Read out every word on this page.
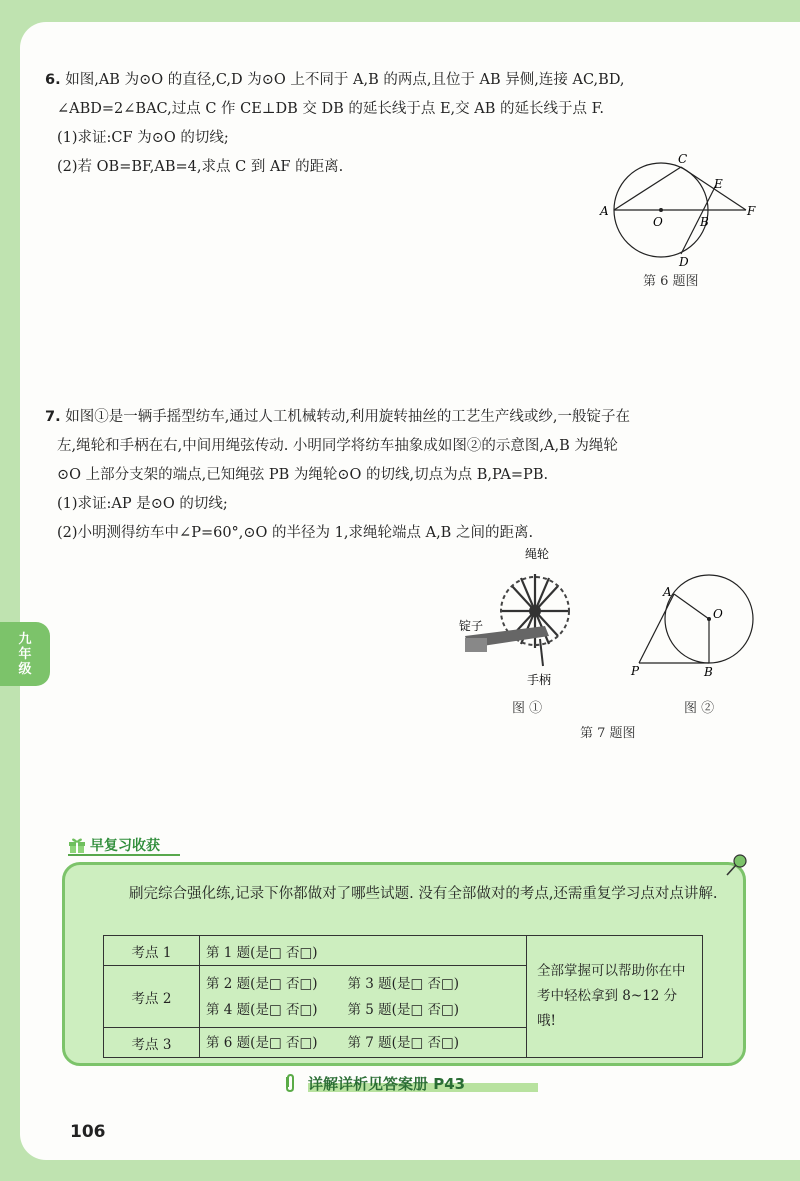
6. 如图,AB 为⊙O 的直径,C,D 为⊙O 上不同于 A,B 的两点,且位于 AB 异侧,连接 AC,BD,
∠ABD=2∠BAC,过点 C 作 CE⊥DB 交 DB 的延长线于点 E,交 AB 的延长线于点 F.
(1)求证:CF 为⊙O 的切线;
(2)若 OB=BF,AB=4,求点 C 到 AF 的距离.
A
C
E
F
O	B
D
第 6 题图
7. 如图①是一辆手摇型纺车,通过人工机械转动,利用旋转抽丝的工艺生产线或纱,一般锭子在
左,绳轮和手柄在右,中间用绳弦传动. 小明同学将纺车抽象成如图②的示意图,A,B 为绳轮
⊙O 上部分支架的端点,已知绳弦 PB 为绳轮⊙O 的切线,切点为点 B,PA=PB.
(1)求证:AP 是⊙O 的切线;
(2)小明测得纺车中∠P=60°,⊙O 的半径为 1,求绳轮端点 A,B 之间的距离.
绳轮
锭子
手柄
图 ①
A
O
P	B
图 ②
第 7 题图
九年级
早复习收获
刷完综合强化练,记录下你都做对了哪些试题. 没有全部做对的考点,还需重复学习点对点讲解.
考点 1	第 1 题(是□ 否□)	全部掌握可以帮助你在中考中轻松拿到 8~12 分哦!
考点 2	第 2 题(是□ 否□) 第 3 题(是□ 否□)
第 4 题(是□ 否□) 第 5 题(是□ 否□)	

考点 3	第 6 题(是□ 否□) 第 7 题(是□ 否□)	
详解详析见答案册 P43
106
